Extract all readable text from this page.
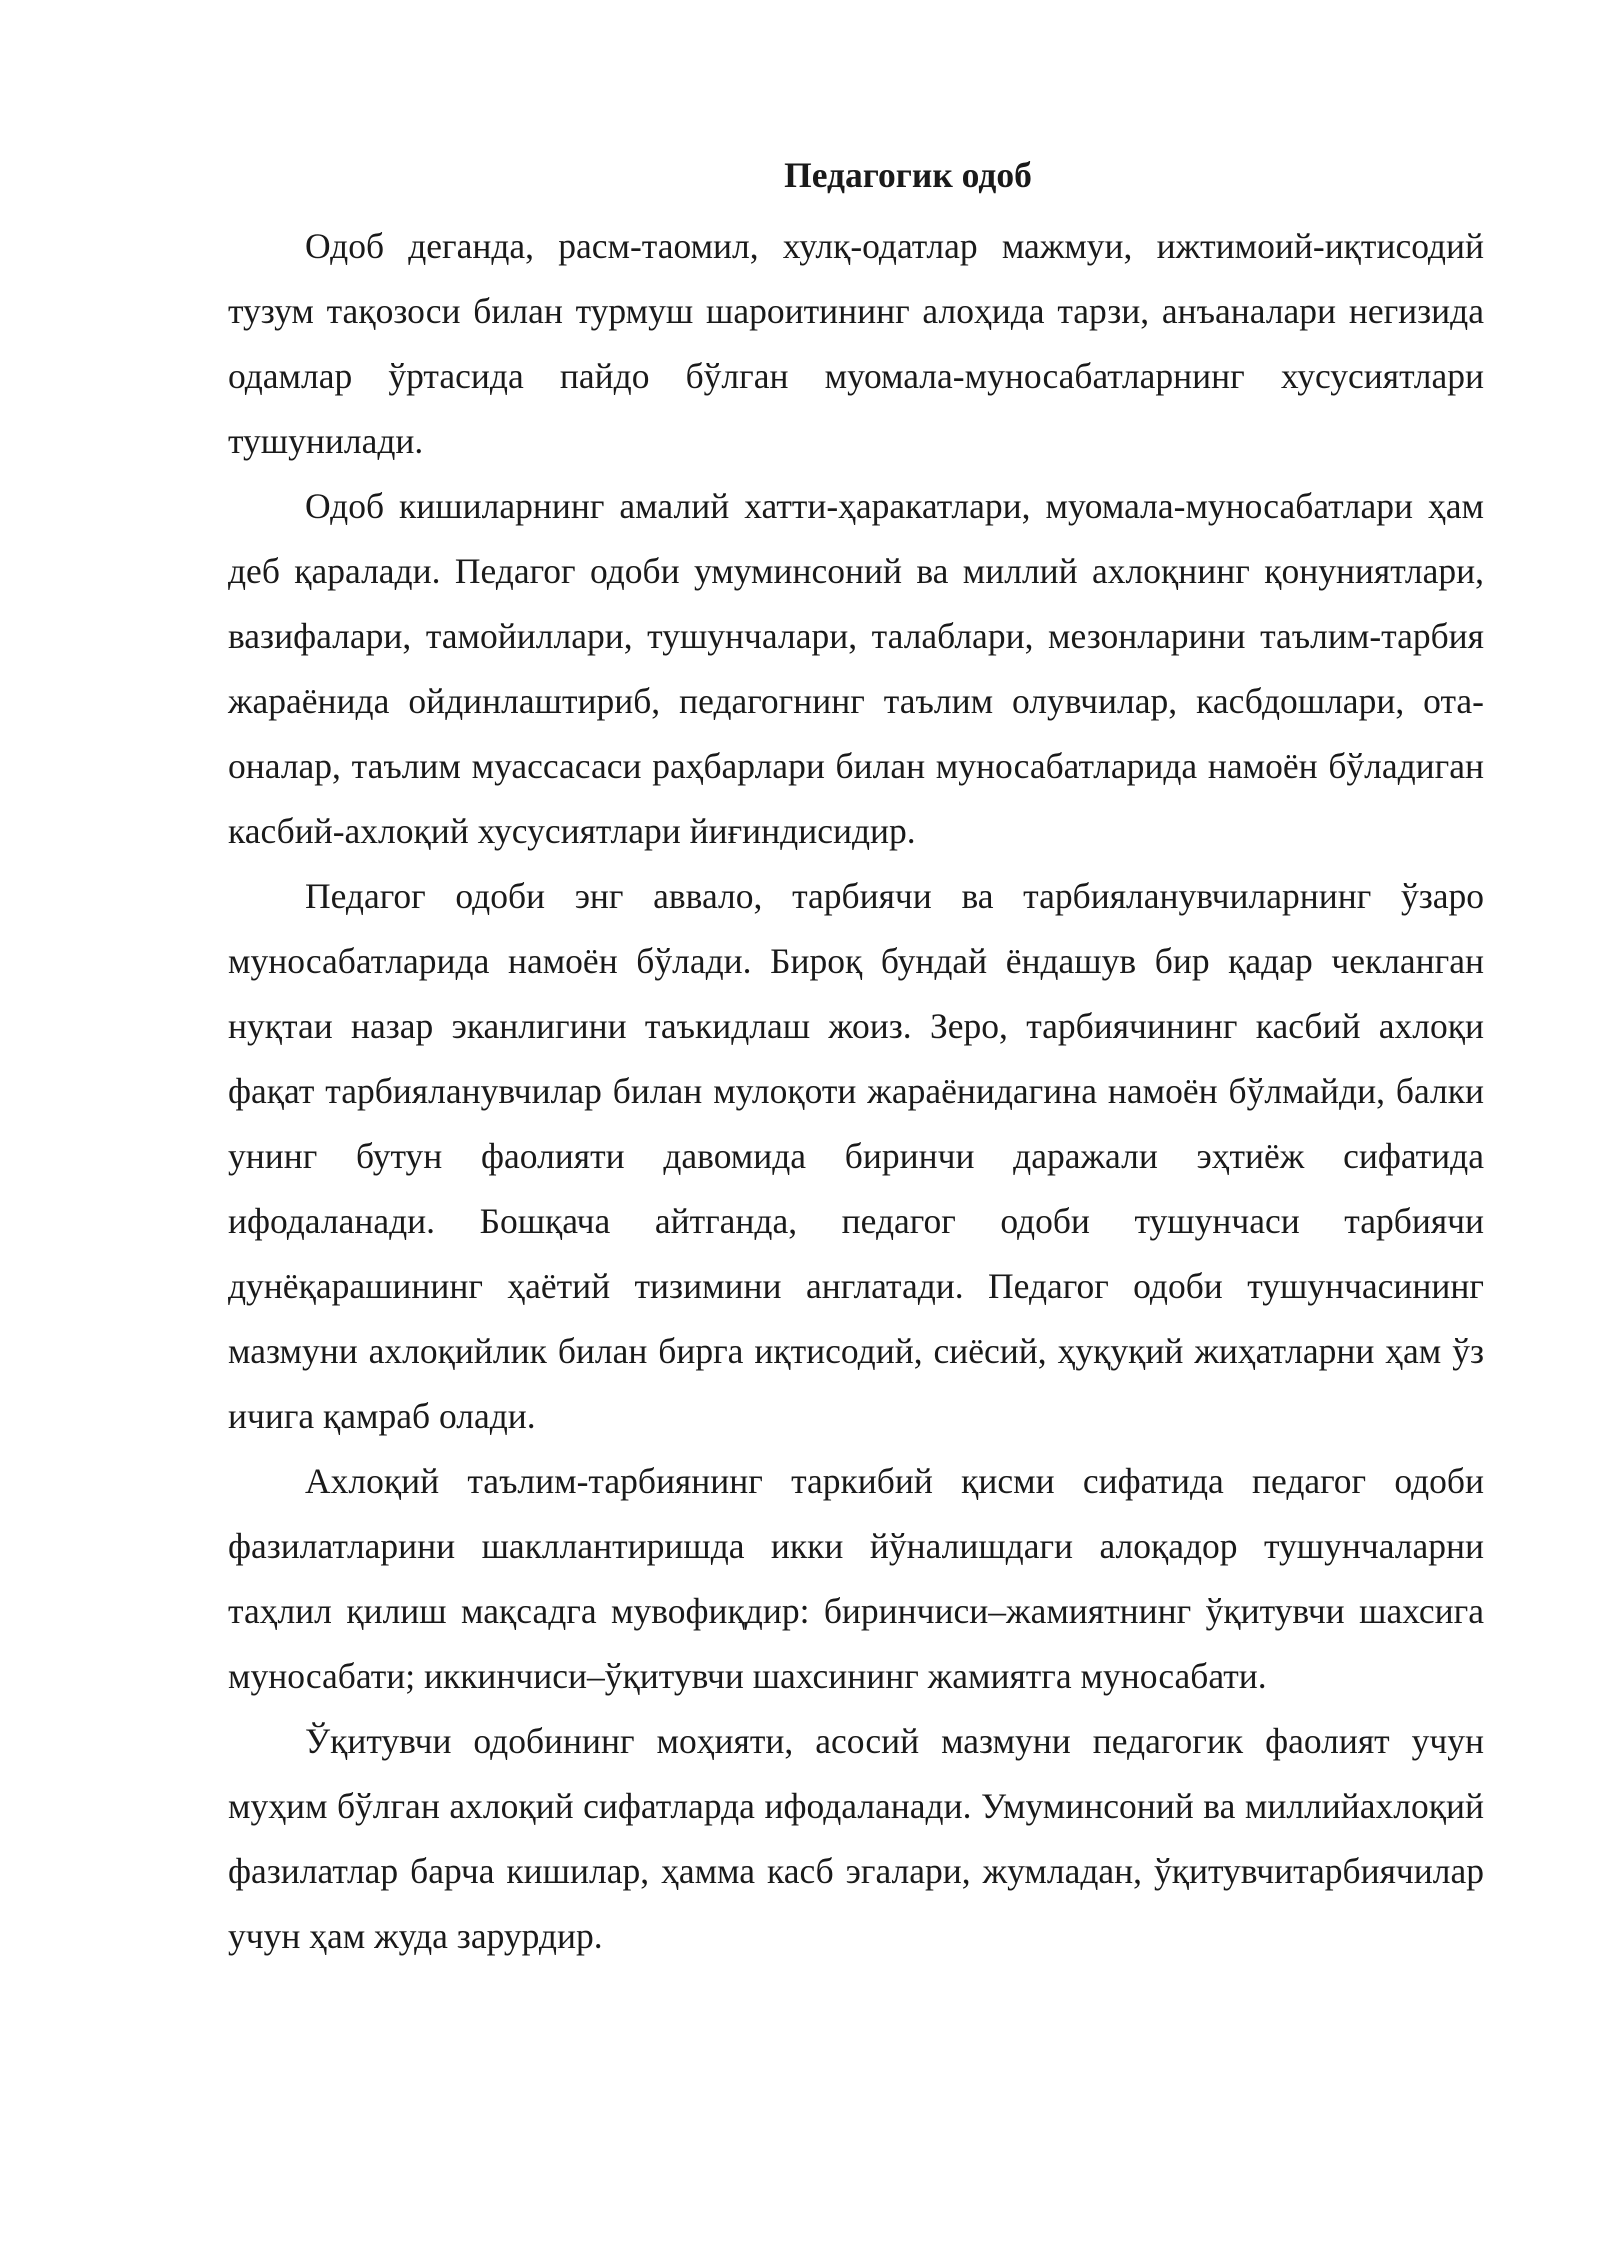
Педагогик одоб

Одоб деганда, расм-таомил, хулқ-одатлар мажмуи, ижтимоий-иқтисодий тузум тақозоси билан турмуш шароитининг алоҳида тарзи, анъаналари негизида одамлар ўртасида пайдо бўлган муомала-муносабатларнинг хусусиятлари тушунилади.

Одоб кишиларнинг амалий хатти-ҳаракатлари, муомала-муносабатлари ҳам деб қаралади. Педагог одоби умуминсоний ва миллий ахлоқнинг қонуниятлари, вазифалари, тамойиллари, тушунчалари, талаблари, мезонларини таълим-тарбия жараёнида ойдинлаштириб, педагогнинг таълим олувчилар, касбдошлари, ота-оналар, таълим муассасаси раҳбарлари билан муносабатларида намоён бўладиган касбий-ахлоқий хусусиятлари йиғиндисидир.

Педагог одоби энг аввало, тарбиячи ва тарбияланувчиларнинг ўзаро муносабатларида намоён бўлади. Бироқ бундай ёндашув бир қадар чекланган нуқтаи назар эканлигини таъкидлаш жоиз. Зеро, тарбиячининг касбий ахлоқи фақат тарбияланувчилар билан мулоқоти жараёнидагина намоён бўлмайди, балки унинг бутун фаолияти давомида биринчи даражали эҳтиёж сифатида ифодаланади. Бошқача айтганда, педагог одоби тушунчаси тарбиячи дунёқарашининг ҳаётий тизимини англатади. Педагог одоби тушунчасининг мазмуни ахлоқийлик билан бирга иқтисодий, сиёсий, ҳуқуқий жиҳатларни ҳам ўз ичига қамраб олади.

Ахлоқий таълим-тарбиянинг таркибий қисми сифатида педагог одоби фазилатларини шакллантиришда икки йўналишдаги алоқадор тушунчаларни таҳлил қилиш мақсадга мувофиқдир: биринчиси–жамиятнинг ўқитувчи шахсига муносабати; иккинчиси–ўқитувчи шахсининг жамиятга муносабати.

Ўқитувчи одобининг моҳияти, асосий мазмуни педагогик фаолият учун муҳим бўлган ахлоқий сифатларда ифодаланади. Умуминсоний ва миллийахлоқий фазилатлар барча кишилар, ҳамма касб эгалари, жумладан, ўқитувчитарбиячилар учун ҳам жуда зарурдир.
